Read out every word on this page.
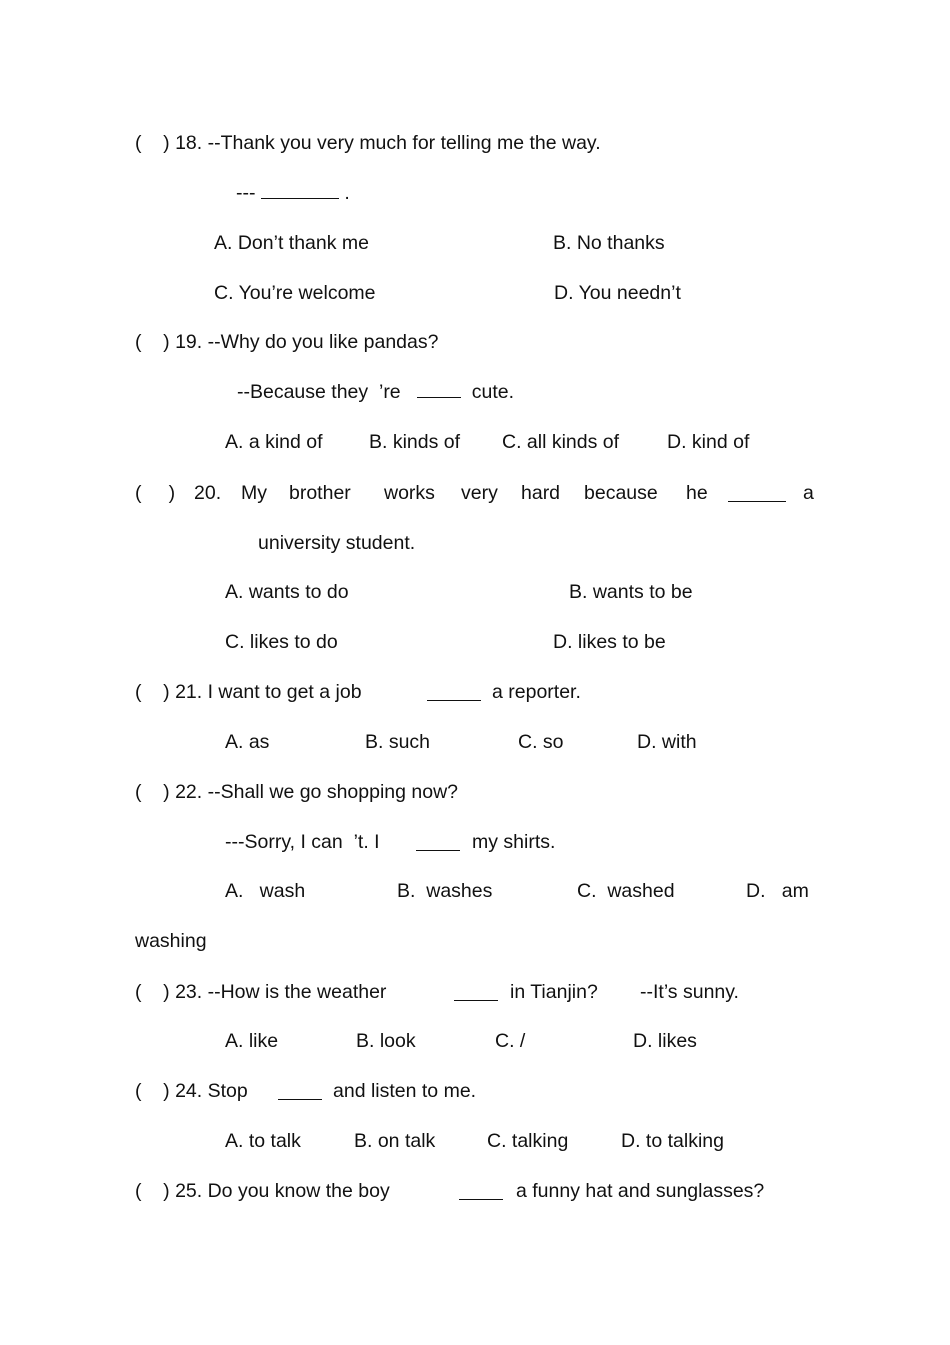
(    ) 18. --Thank you very much for telling me the way.
---	.
A. Don’t thank me	B. No thanks
C. You’re welcome	D. You needn’t
(    ) 19. --Why do you like pandas?
--Because they  ’re	cute.
A. a kind of B. kinds of C. all kinds of D. kind of
(     ) 20. My brother works very hard because he	a
university student.
A. wants to do	B. wants to be
C. likes to do	D. likes to be
(    ) 21. I want to get a job	a reporter.
A. as	B. such	C. so	D. with
(    ) 22. --Shall we go shopping now?
---Sorry, I can  ’t. I	my shirts.
A.   wash	B.  washes	C.  washed	D.   am
washing
(    ) 23. --How is the weather	in Tianjin? --It’s sunny.
A. like	B. look	C. /	D. likes
(    ) 24. Stop	and listen to me.
A. to talk	B. on talk	C. talking	D. to talking
(    ) 25. Do you know the boy	a funny hat and sunglasses?
